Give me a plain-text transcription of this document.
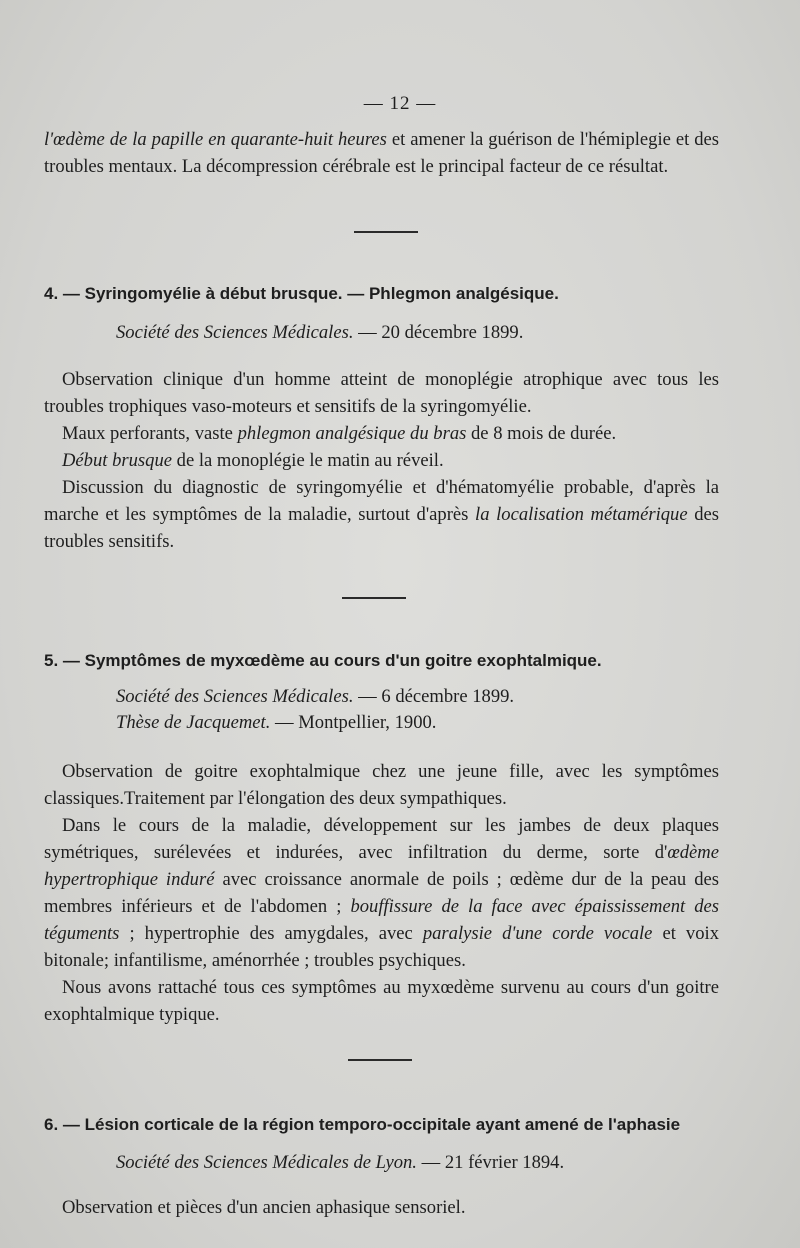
— 12 —

l'œdème de la papille en quarante-huit heures et amener la guérison de l'hémiplegie et des troubles mentaux. La décompression cérébrale est le principal facteur de ce résultat.

4. — Syringomyélie à début brusque. — Phlegmon analgésique.
Société des Sciences Médicales. — 20 décembre 1899.

Observation clinique d'un homme atteint de monoplégie atrophique avec tous les troubles trophiques vaso-moteurs et sensitifs de la syringomyélie.

Maux perforants, vaste phlegmon analgésique du bras de 8 mois de durée.

Début brusque de la monoplégie le matin au réveil.

Discussion du diagnostic de syringomyélie et d'hématomyélie probable, d'après la marche et les symptômes de la maladie, surtout d'après la localisation métamérique des troubles sensitifs.

5. — Symptômes de myxœdème au cours d'un goitre exophtalmique.
Société des Sciences Médicales. — 6 décembre 1899.
Thèse de Jacquemet. — Montpellier, 1900.

Observation de goitre exophtalmique chez une jeune fille, avec les symptômes classiques.Traitement par l'élongation des deux sympathiques.

Dans le cours de la maladie, développement sur les jambes de deux plaques symétriques, surélevées et indurées, avec infiltration du derme, sorte d'œdème hypertrophique induré avec croissance anormale de poils ; œdème dur de la peau des membres inférieurs et de l'abdomen ; bouffissure de la face avec épaississement des téguments ; hypertrophie des amygdales, avec paralysie d'une corde vocale et voix bitonale; infantilisme, aménorrhée ; troubles psychiques.

Nous avons rattaché tous ces symptômes au myxœdème survenu au cours d'un goitre exophtalmique typique.

6. — Lésion corticale de la région temporo-occipitale ayant amené de l'aphasie
Société des Sciences Médicales de Lyon. — 21 février 1894.

Observation et pièces d'un ancien aphasique sensoriel.
